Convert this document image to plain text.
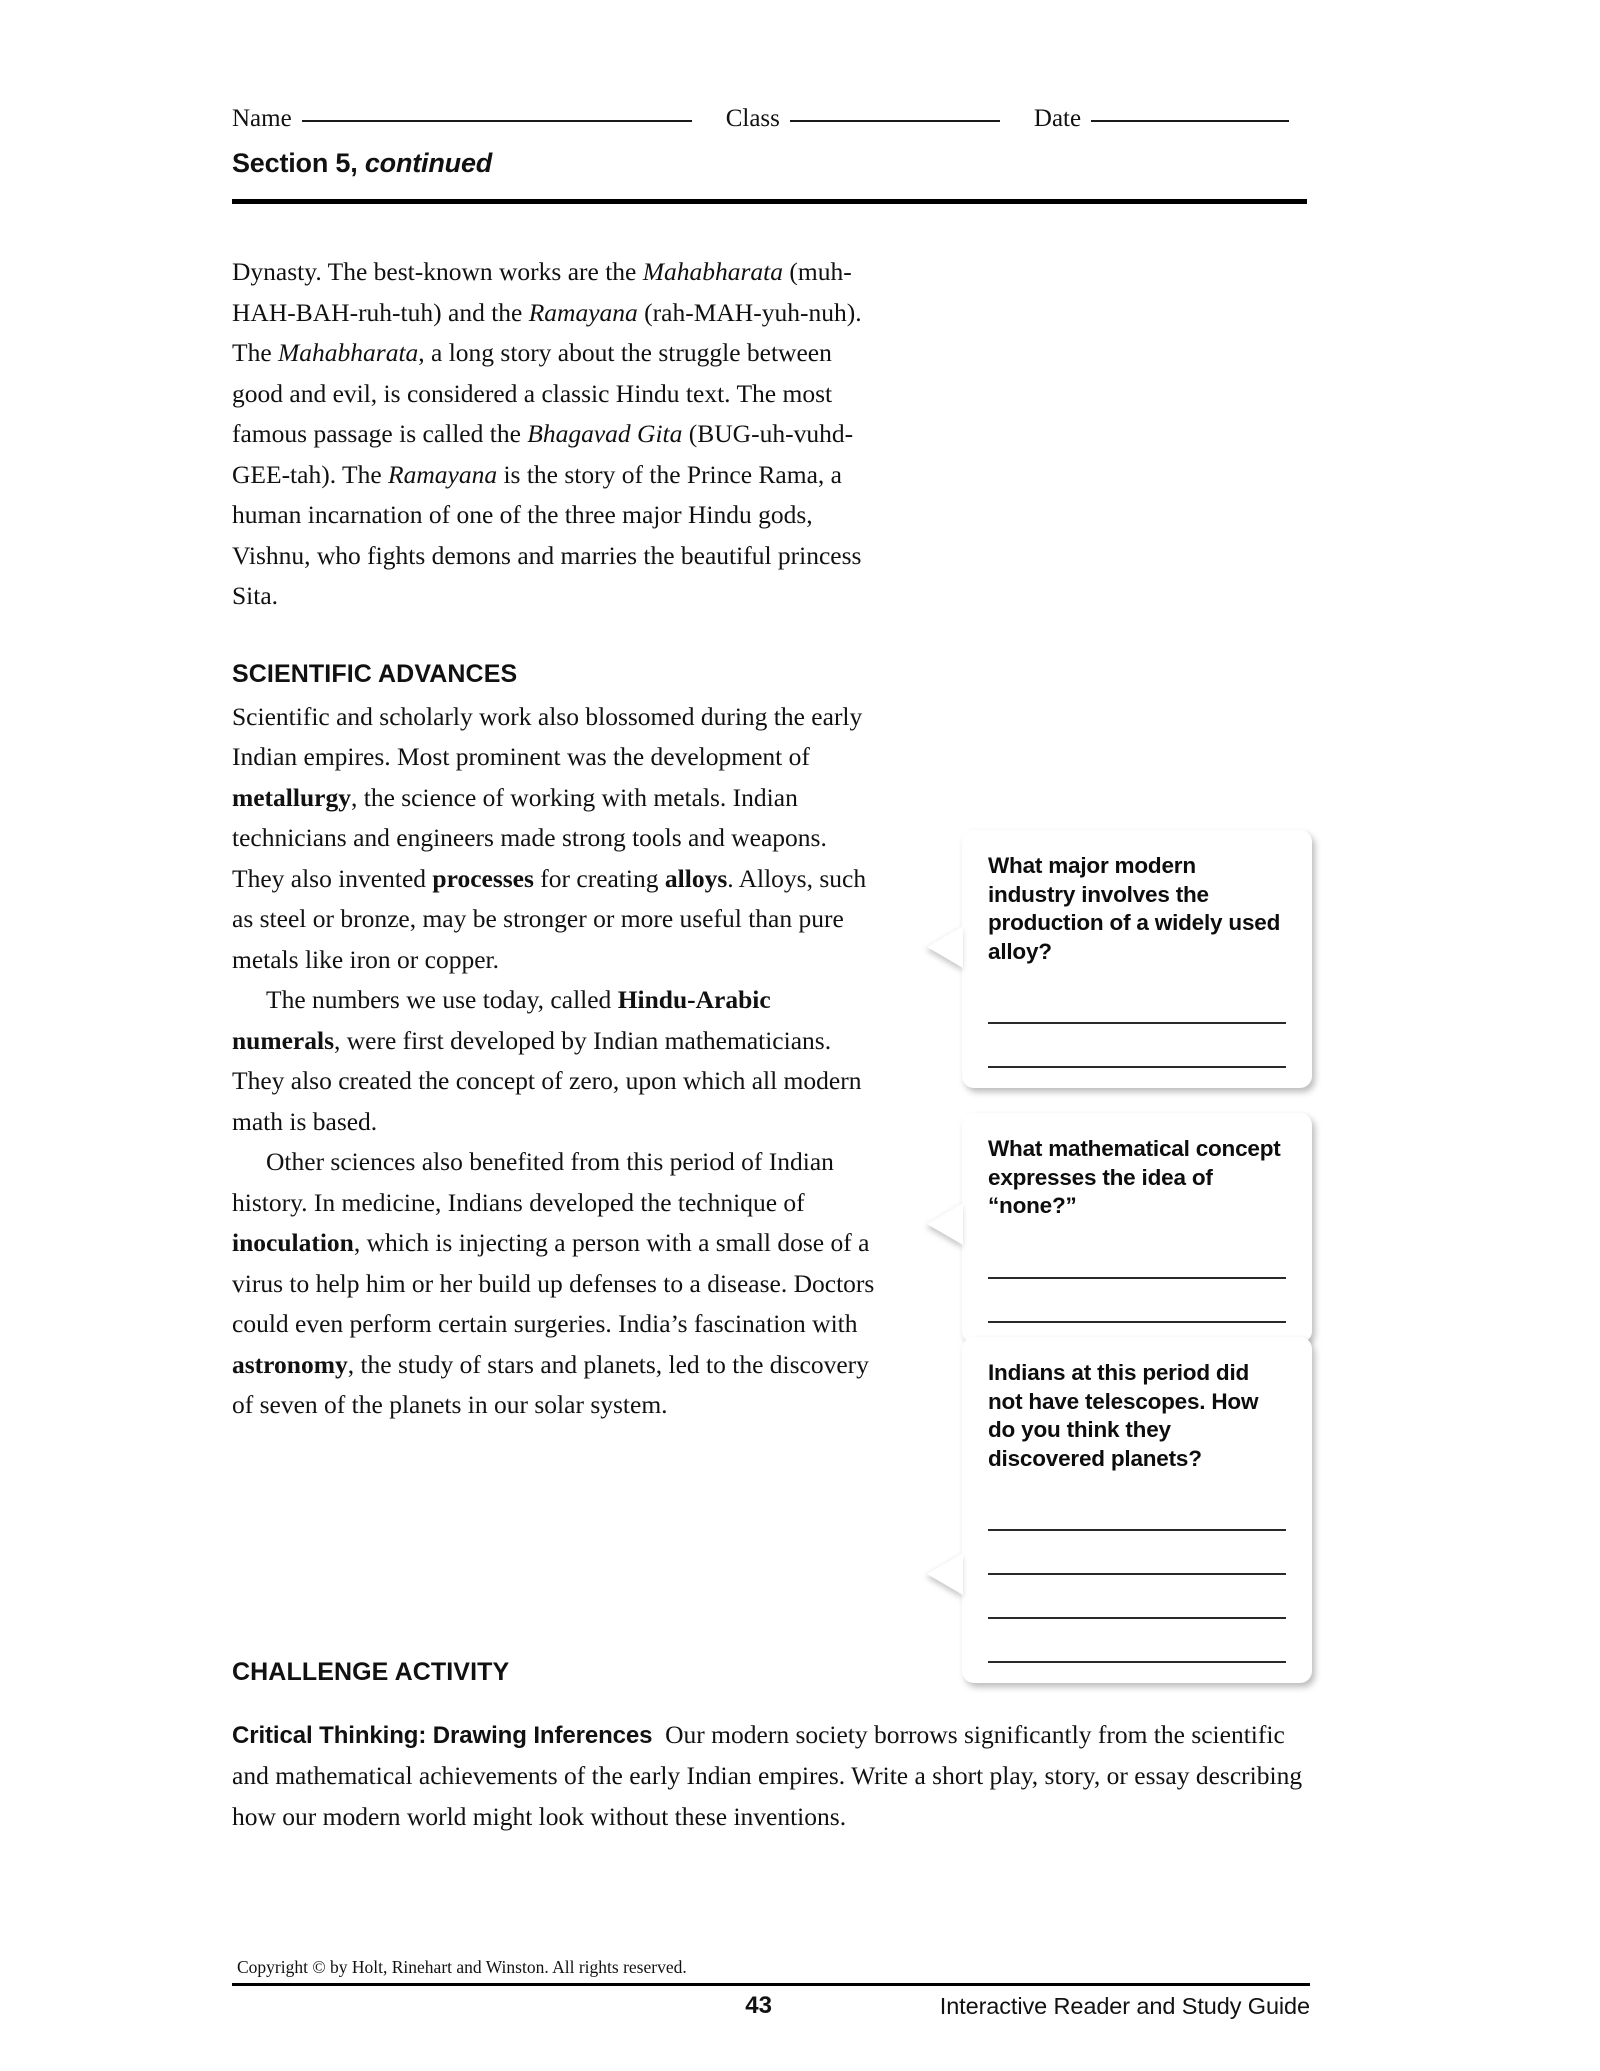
Name	Class	Date
Section 5, continued

Dynasty. The best-known works are the Mahabharata (muh-HAH-BAH-ruh-tuh) and the Ramayana (rah-MAH-yuh-nuh). The Mahabharata, a long story about the struggle between good and evil, is considered a classic Hindu text. The most famous passage is called the Bhagavad Gita (BUG-uh-vuhd-GEE-tah). The Ramayana is the story of the Prince Rama, a human incarnation of one of the three major Hindu gods, Vishnu, who fights demons and marries the beautiful princess Sita.

SCIENTIFIC ADVANCES

Scientific and scholarly work also blossomed during the early Indian empires. Most prominent was the development of metallurgy, the science of working with metals. Indian technicians and engineers made strong tools and weapons. They also invented processes for creating alloys. Alloys, such as steel or bronze, may be stronger or more useful than pure metals like iron or copper.

The numbers we use today, called Hindu-Arabic numerals, were first developed by Indian mathematicians. They also created the concept of zero, upon which all modern math is based.

Other sciences also benefited from this period of Indian history. In medicine, Indians developed the technique of inoculation, which is injecting a person with a small dose of a virus to help him or her build up defenses to a disease. Doctors could even perform certain surgeries. India’s fascination with astronomy, the study of stars and planets, led to the discovery of seven of the planets in our solar system.

CHALLENGE ACTIVITY

Critical Thinking: Drawing Inferences Our modern society borrows significantly from the scientific and mathematical achievements of the early Indian empires. Write a short play, story, or essay describing how our modern world might look without these inventions.

What major modern industry involves the production of a widely used alloy?

What mathematical concept expresses the idea of “none?”

Indians at this period did not have telescopes. How do you think they discovered planets?

Copyright © by Holt, Rinehart and Winston. All rights reserved.
43	Interactive Reader and Study Guide
